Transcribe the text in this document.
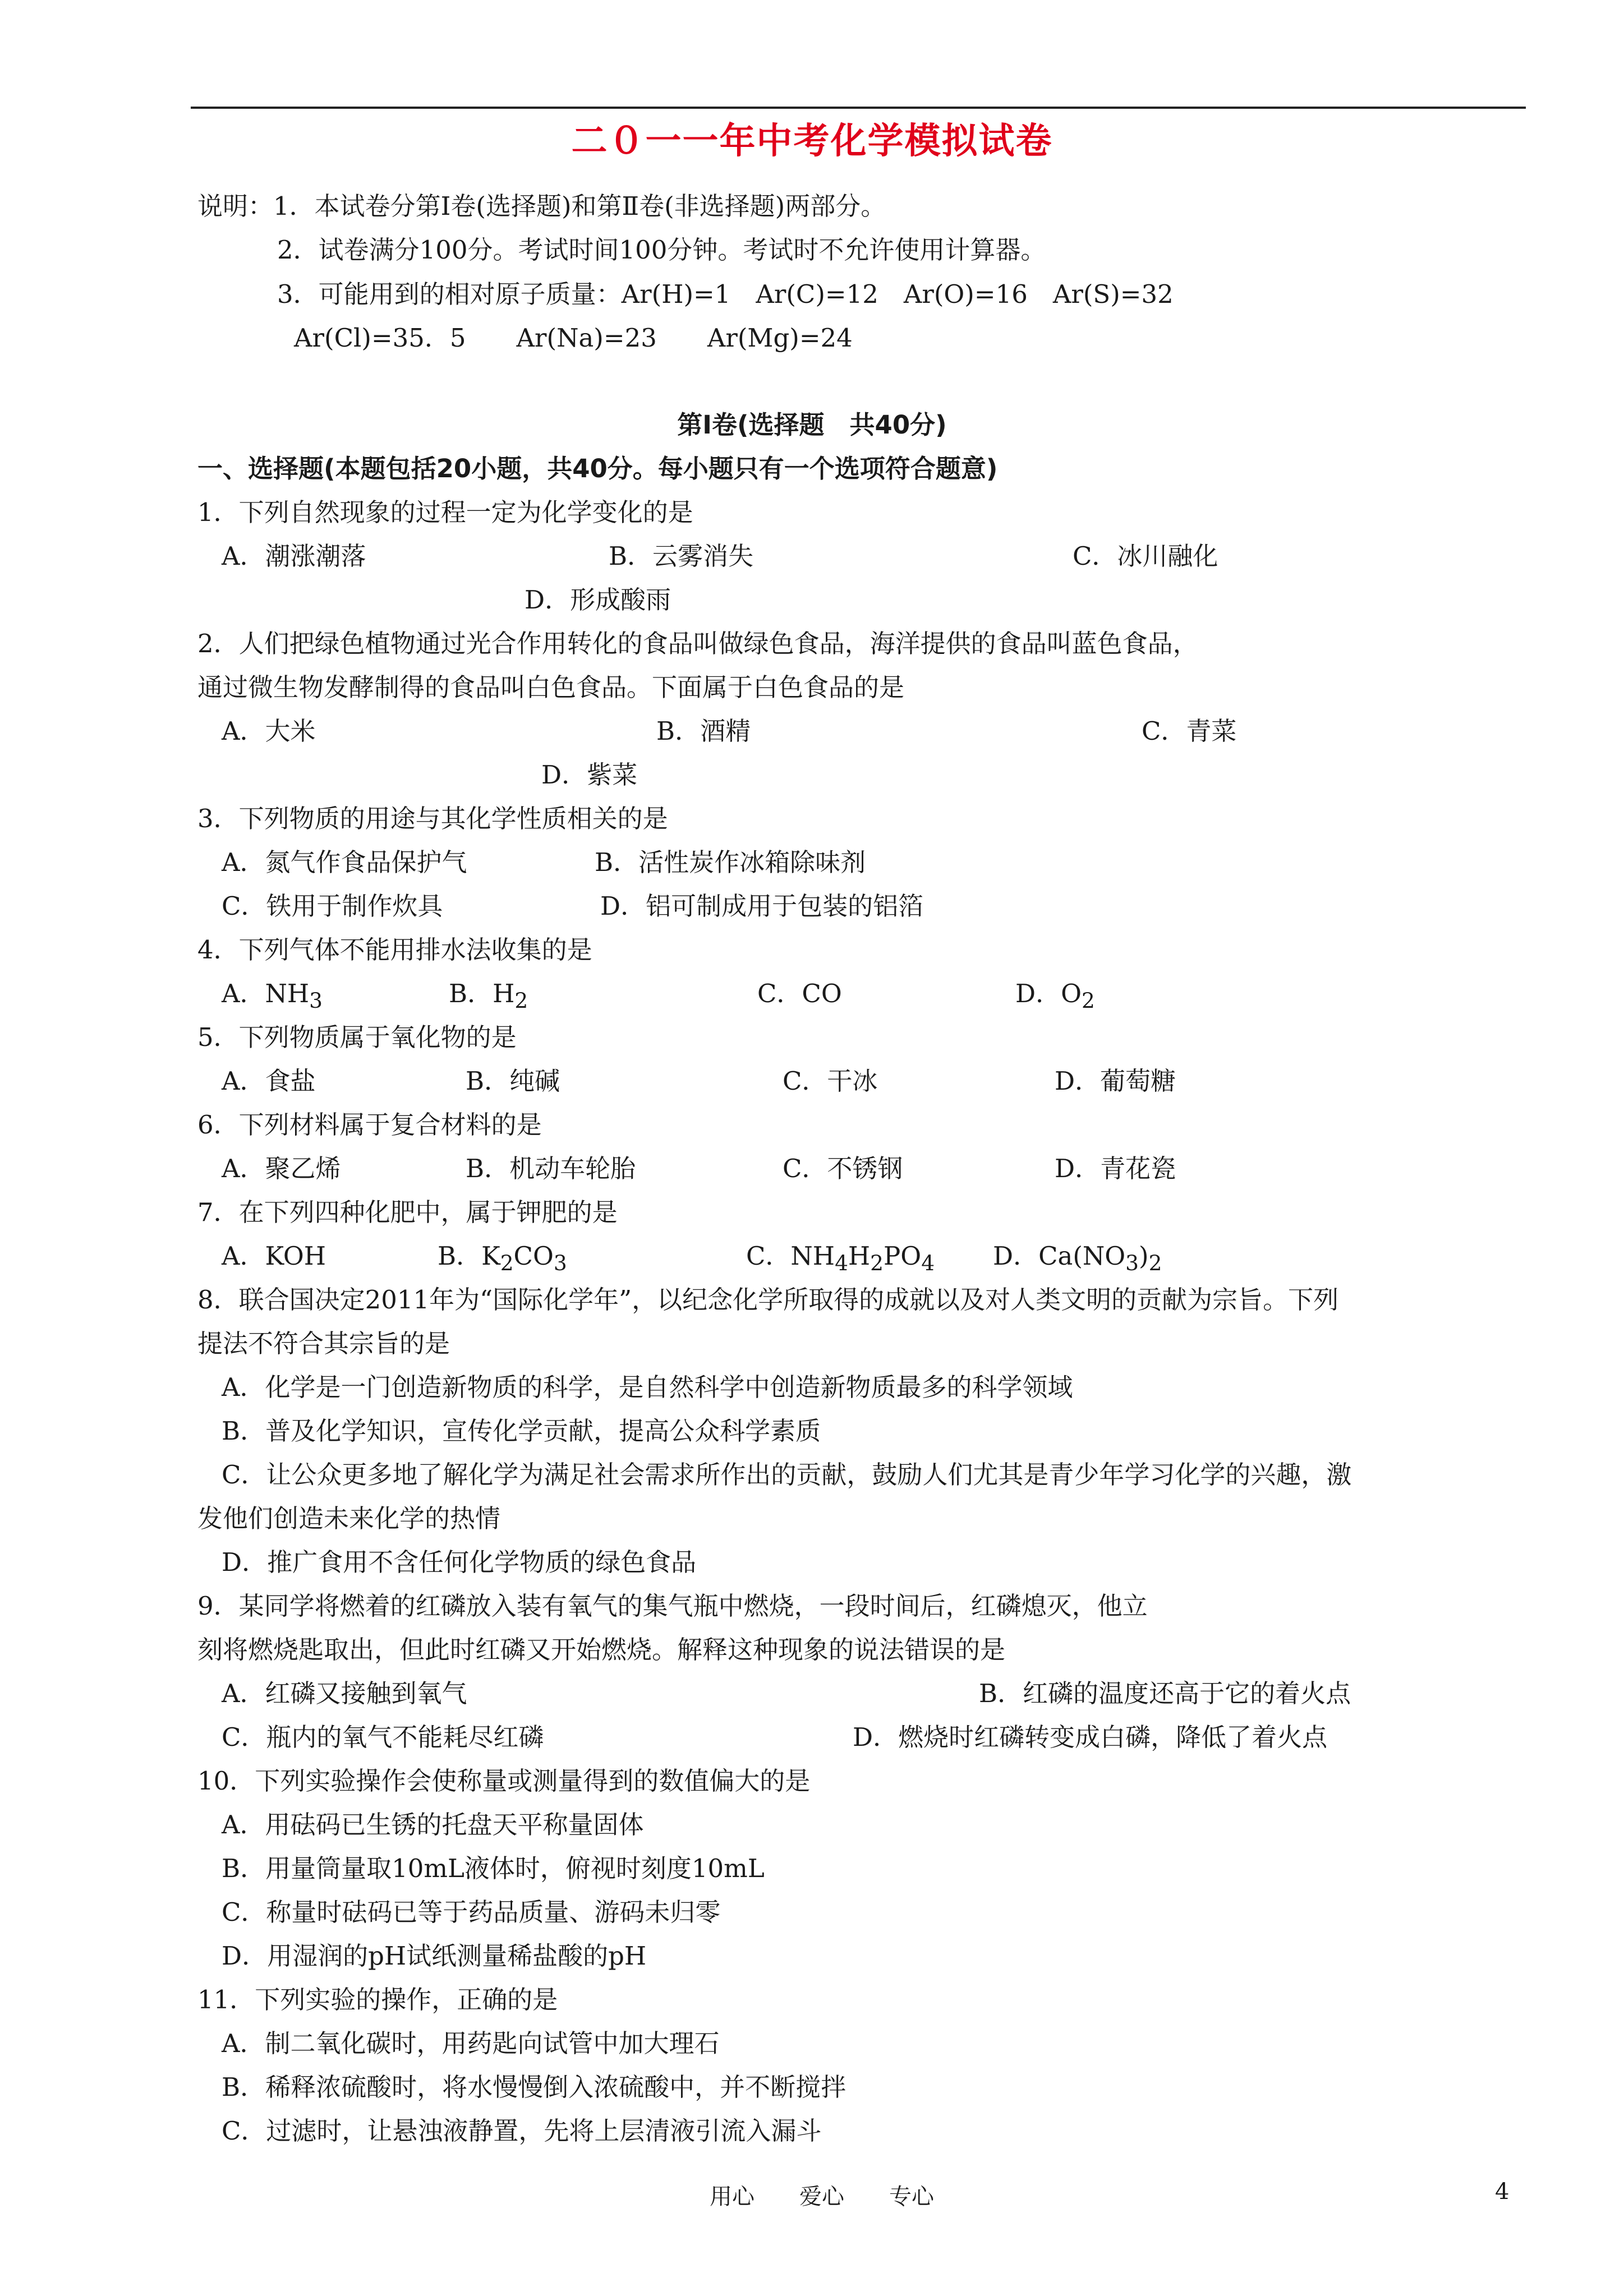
二０一一年中考化学模拟试卷
说明：1．本试卷分第Ⅰ卷(选择题)和第Ⅱ卷(非选择题)两部分。
2．试卷满分100分。考试时间100分钟。考试时不允许使用计算器。
3．可能用到的相对原子质量：Ar(H)=1　Ar(C)=12　Ar(O)=16　Ar(S)=32
Ar(Cl)=35．5　　Ar(Na)=23　　Ar(Mg)=24
第Ⅰ卷(选择题　共40分)
一、选择题(本题包括20小题，共40分。每小题只有一个选项符合题意)
1．下列自然现象的过程一定为化学变化的是
A．潮涨潮落	B．云雾消失	C．冰川融化
D．形成酸雨
2．人们把绿色植物通过光合作用转化的食品叫做绿色食品，海洋提供的食品叫蓝色食品，
通过微生物发酵制得的食品叫白色食品。下面属于白色食品的是
A．大米	B．酒精	C．青菜
D．紫菜
3．下列物质的用途与其化学性质相关的是
A．氮气作食品保护气	B．活性炭作冰箱除味剂
C．铁用于制作炊具	D．铝可制成用于包装的铝箔
4．下列气体不能用排水法收集的是
A．$NH_3$	B．$H_2$	C．CO	D．$O_2$
5．下列物质属于氧化物的是
A．食盐	B．纯碱	C．干冰	D．葡萄糖
6．下列材料属于复合材料的是
A．聚乙烯	B．机动车轮胎	C．不锈钢	D．青花瓷
7．在下列四种化肥中，属于钾肥的是
A．KOH	B．$K_2CO_3$	C．$NH_4H_2PO_4$ D．$Ca(NO_3)_2$
8．联合国决定2011年为“国际化学年”，以纪念化学所取得的成就以及对人类文明的贡献为宗旨。下列
提法不符合其宗旨的是
A．化学是一门创造新物质的科学，是自然科学中创造新物质最多的科学领域
B．普及化学知识，宣传化学贡献，提高公众科学素质
C．让公众更多地了解化学为满足社会需求所作出的贡献，鼓励人们尤其是青少年学习化学的兴趣，激
发他们创造未来化学的热情
D．推广食用不含任何化学物质的绿色食品
9．某同学将燃着的红磷放入装有氧气的集气瓶中燃烧，一段时间后，红磷熄灭，他立
刻将燃烧匙取出，但此时红磷又开始燃烧。解释这种现象的说法错误的是
A．红磷又接触到氧气	B．红磷的温度还高于它的着火点
C．瓶内的氧气不能耗尽红磷	D．燃烧时红磷转变成白磷，降低了着火点
10．下列实验操作会使称量或测量得到的数值偏大的是
A．用砝码已生锈的托盘天平称量固体
B．用量筒量取10mL液体时，俯视时刻度10mL
C．称量时砝码已等于药品质量、游码未归零
D．用湿润的pH试纸测量稀盐酸的pH
11．下列实验的操作，正确的是
A．制二氧化碳时，用药匙向试管中加大理石
B．稀释浓硫酸时，将水慢慢倒入浓硫酸中，并不断搅拌
C．过滤时，让悬浊液静置，先将上层清液引流入漏斗
用心　　爱心　　专心	4
